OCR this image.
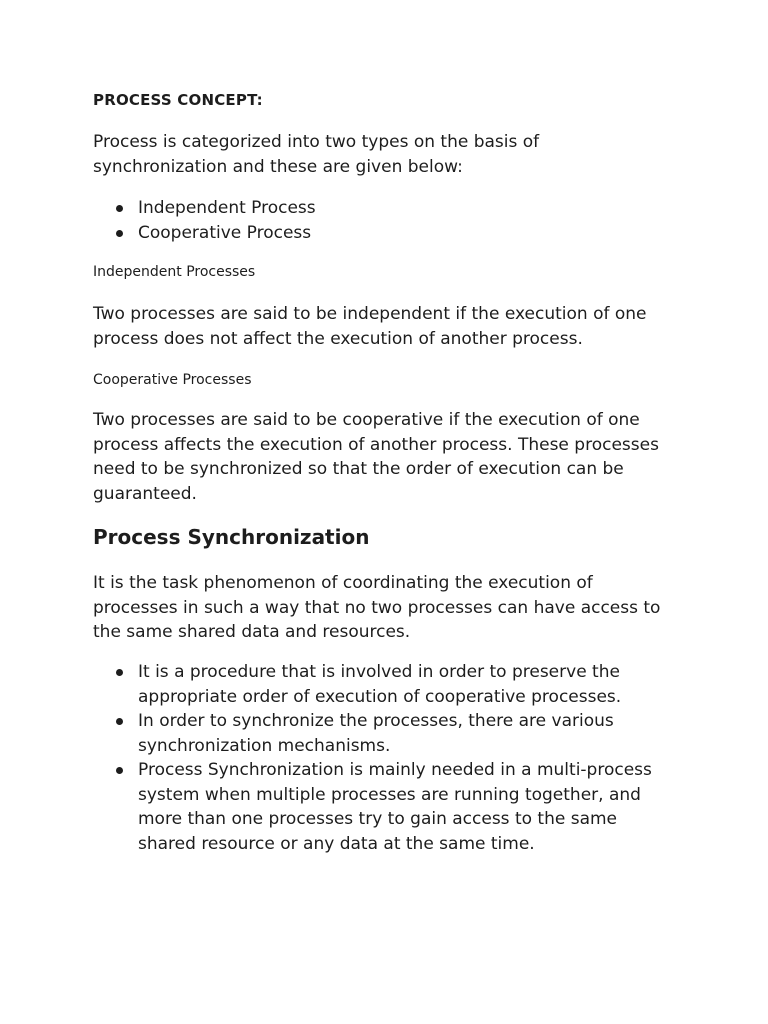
PROCESS CONCEPT:

Process is categorized into two types on the basis of synchronization and these are given below:

Independent Process
Cooperative Process
Independent Processes

Two processes are said to be independent if the execution of one process does not affect the execution of another process.

Cooperative Processes

Two processes are said to be cooperative if the execution of one process affects the execution of another process. These processes need to be synchronized so that the order of execution can be guaranteed.

Process Synchronization

It is the task phenomenon of coordinating the execution of processes in such a way that no two processes can have access to the same shared data and resources.

It is a procedure that is involved in order to preserve the appropriate order of execution of cooperative processes.
In order to synchronize the processes, there are various synchronization mechanisms.
Process Synchronization is mainly needed in a multi-process system when multiple processes are running together, and more than one processes try to gain access to the same shared resource or any data at the same time.
